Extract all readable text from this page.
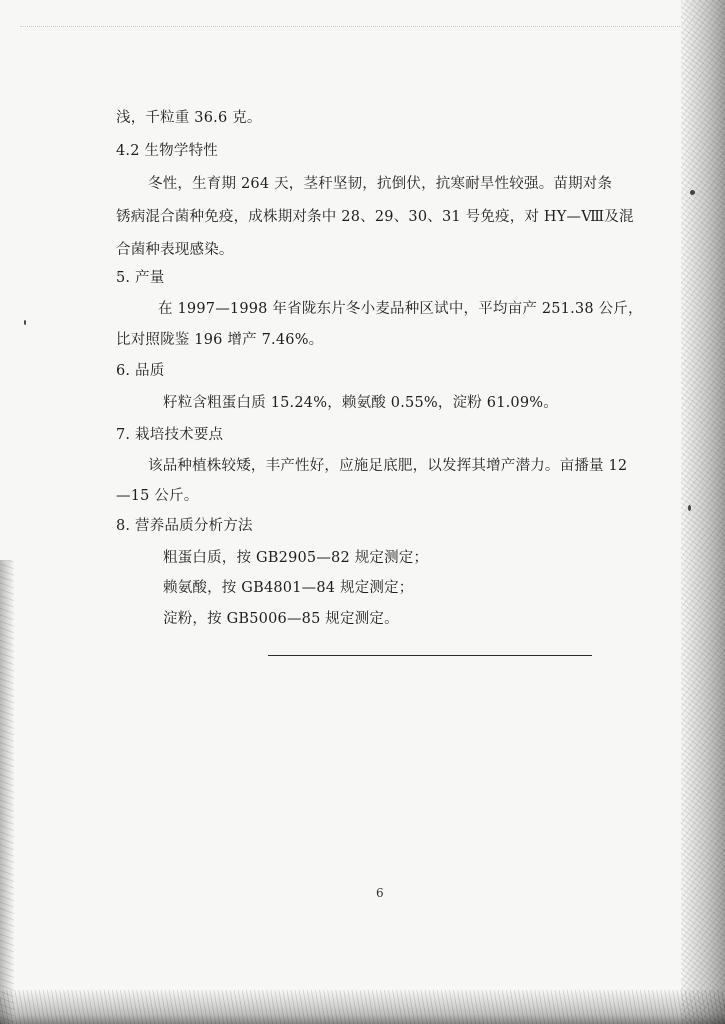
浅，千粒重 36.6 克。
4.2 生物学特性
冬性，生育期 264 天，茎秆坚韧，抗倒伏，抗寒耐旱性较强。苗期对条
锈病混合菌种免疫，成株期对条中 28、29、30、31 号免疫，对 HY—Ⅷ及混
合菌种表现感染。
5. 产量
在 1997—1998 年省陇东片冬小麦品种区试中，平均亩产 251.38 公斤，
比对照陇鉴 196 增产 7.46%。
6. 品质
籽粒含粗蛋白质 15.24%，赖氨酸 0.55%，淀粉 61.09%。
7. 栽培技术要点
该品种植株较矮，丰产性好，应施足底肥，以发挥其增产潜力。亩播量 12
—15 公斤。
8. 营养品质分析方法
粗蛋白质，按 GB2905—82 规定测定；
赖氨酸，按 GB4801—84 规定测定；
淀粉，按 GB5006—85 规定测定。
6
